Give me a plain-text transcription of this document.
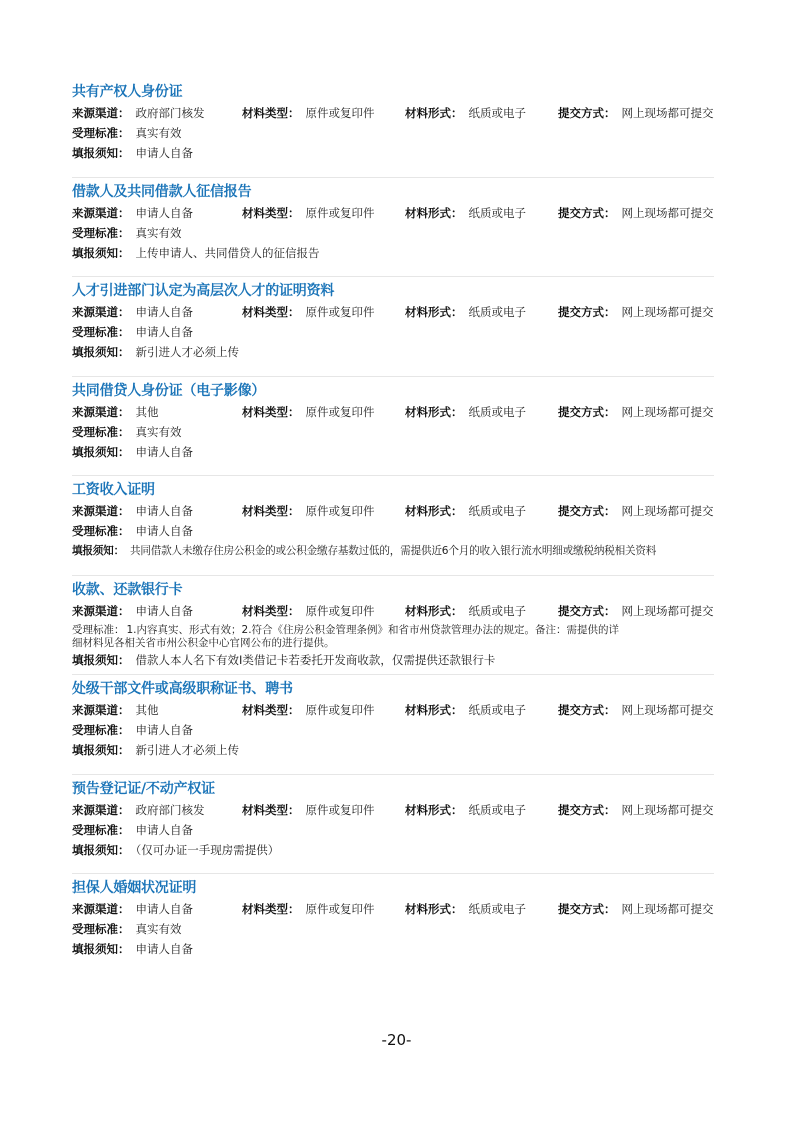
共有产权人身份证
来源渠道： 政府部门核发	材料类型： 原件或复印件	材料形式： 纸质或电子	提交方式： 网上现场都可提交
受理标准： 真实有效
填报须知： 申请人自备
借款人及共同借款人征信报告
来源渠道： 申请人自备	材料类型： 原件或复印件	材料形式： 纸质或电子	提交方式： 网上现场都可提交
受理标准： 真实有效
填报须知： 上传申请人、共同借贷人的征信报告
人才引进部门认定为高层次人才的证明资料
来源渠道： 申请人自备	材料类型： 原件或复印件	材料形式： 纸质或电子	提交方式： 网上现场都可提交
受理标准： 申请人自备
填报须知： 新引进人才必须上传
共同借贷人身份证（电子影像）
来源渠道： 其他	材料类型： 原件或复印件	材料形式： 纸质或电子	提交方式： 网上现场都可提交
受理标准： 真实有效
填报须知： 申请人自备
工资收入证明
来源渠道： 申请人自备	材料类型： 原件或复印件	材料形式： 纸质或电子	提交方式： 网上现场都可提交
受理标准： 申请人自备
填报须知： 共同借款人未缴存住房公积金的或公积金缴存基数过低的，需提供近6个月的收入银行流水明细或缴税纳税相关资料
收款、还款银行卡
来源渠道： 申请人自备	材料类型： 原件或复印件	材料形式： 纸质或电子	提交方式： 网上现场都可提交
受理标准： 1.内容真实、形式有效；2.符合《住房公积金管理条例》和省市州贷款管理办法的规定。备注：需提供的详
细材料见各相关省市州公积金中心官网公布的进行提供。
填报须知： 借款人本人名下有效I类借记卡若委托开发商收款，仅需提供还款银行卡
处级干部文件或高级职称证书、聘书
来源渠道： 其他	材料类型： 原件或复印件	材料形式： 纸质或电子	提交方式： 网上现场都可提交
受理标准： 申请人自备
填报须知： 新引进人才必须上传
预告登记证/不动产权证
来源渠道： 政府部门核发	材料类型： 原件或复印件	材料形式： 纸质或电子	提交方式： 网上现场都可提交
受理标准： 申请人自备
填报须知： （仅可办证一手现房需提供）
担保人婚姻状况证明
来源渠道： 申请人自备	材料类型： 原件或复印件	材料形式： 纸质或电子	提交方式： 网上现场都可提交
受理标准： 真实有效
填报须知： 申请人自备
-20-
